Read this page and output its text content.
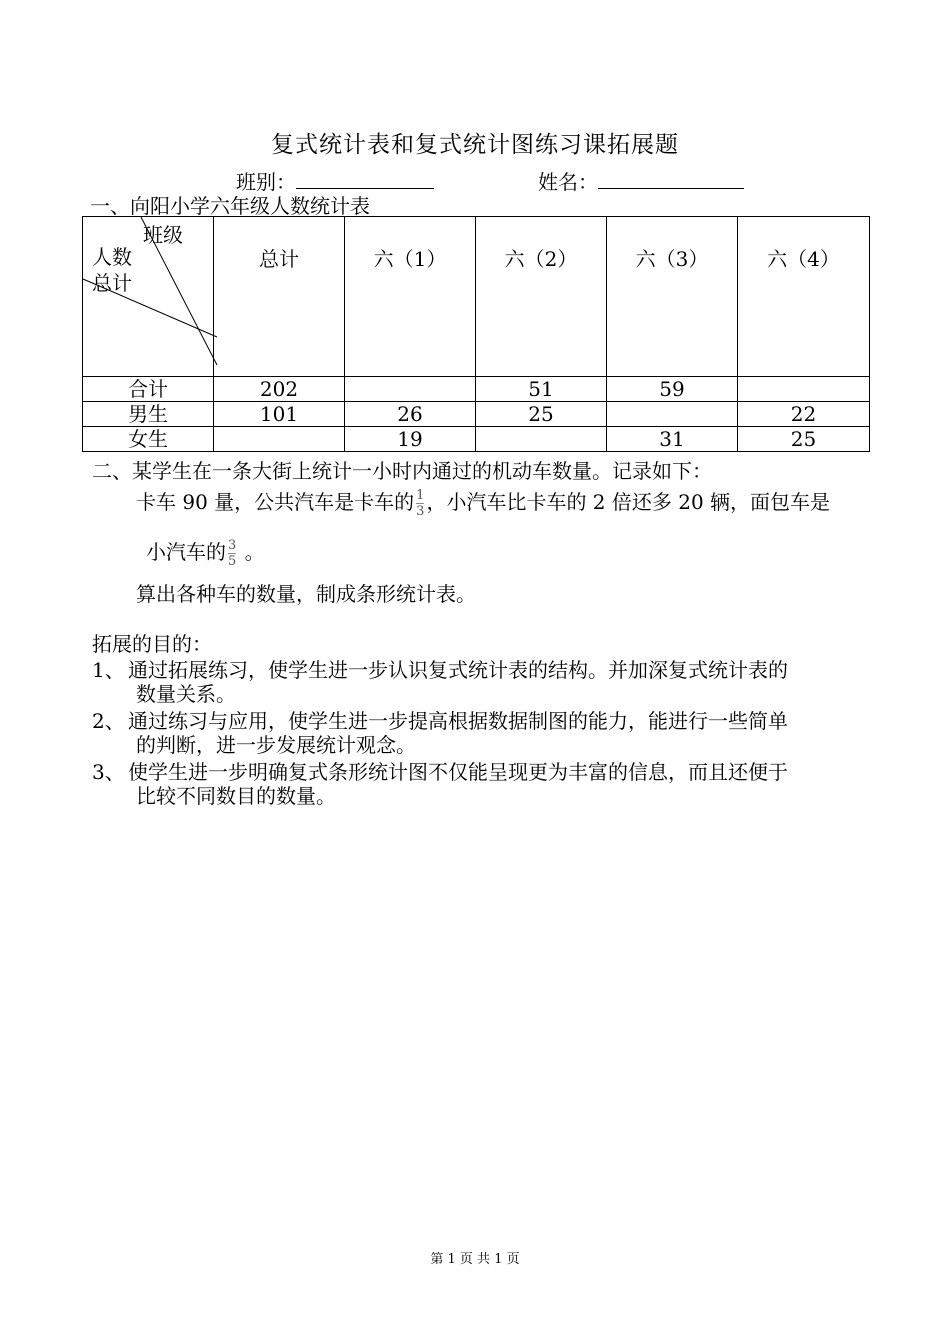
复式统计表和复式统计图练习课拓展题
班别：	姓名：
一、向阳小学六年级人数统计表
班级
人数
总计	总计	六（1）	六（2）	六（3）	六（4）
合计	202		51	59	
男生	101	26	25		22
女生		19		31	25
二、某学生在一条大街上统计一小时内通过的机动车数量。记录如下：
卡车 90 量，公共汽车是卡车的 $\frac{1}{3}$ ，小汽车比卡车的 2 倍还多 20 辆，面包车是
小汽车的 $\frac{3}{5}$ 。
算出各种车的数量，制成条形统计表。
拓展的目的：
1、 通过拓展练习，使学生进一步认识复式统计表的结构。并加深复式统计表的
数量关系。
2、 通过练习与应用，使学生进一步提高根据数据制图的能力，能进行一些简单
的判断，进一步发展统计观念。
3、 使学生进一步明确复式条形统计图不仅能呈现更为丰富的信息，而且还便于
比较不同数目的数量。
第 1 页 共 1 页
